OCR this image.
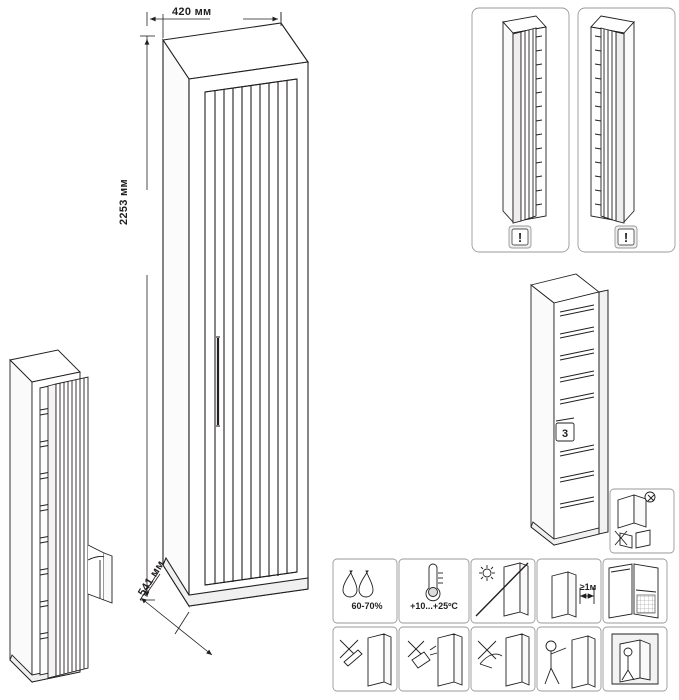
!	!
3
420 мм
2253 мм
541 мм
60-70%	+10...+25ºC
≥1м
